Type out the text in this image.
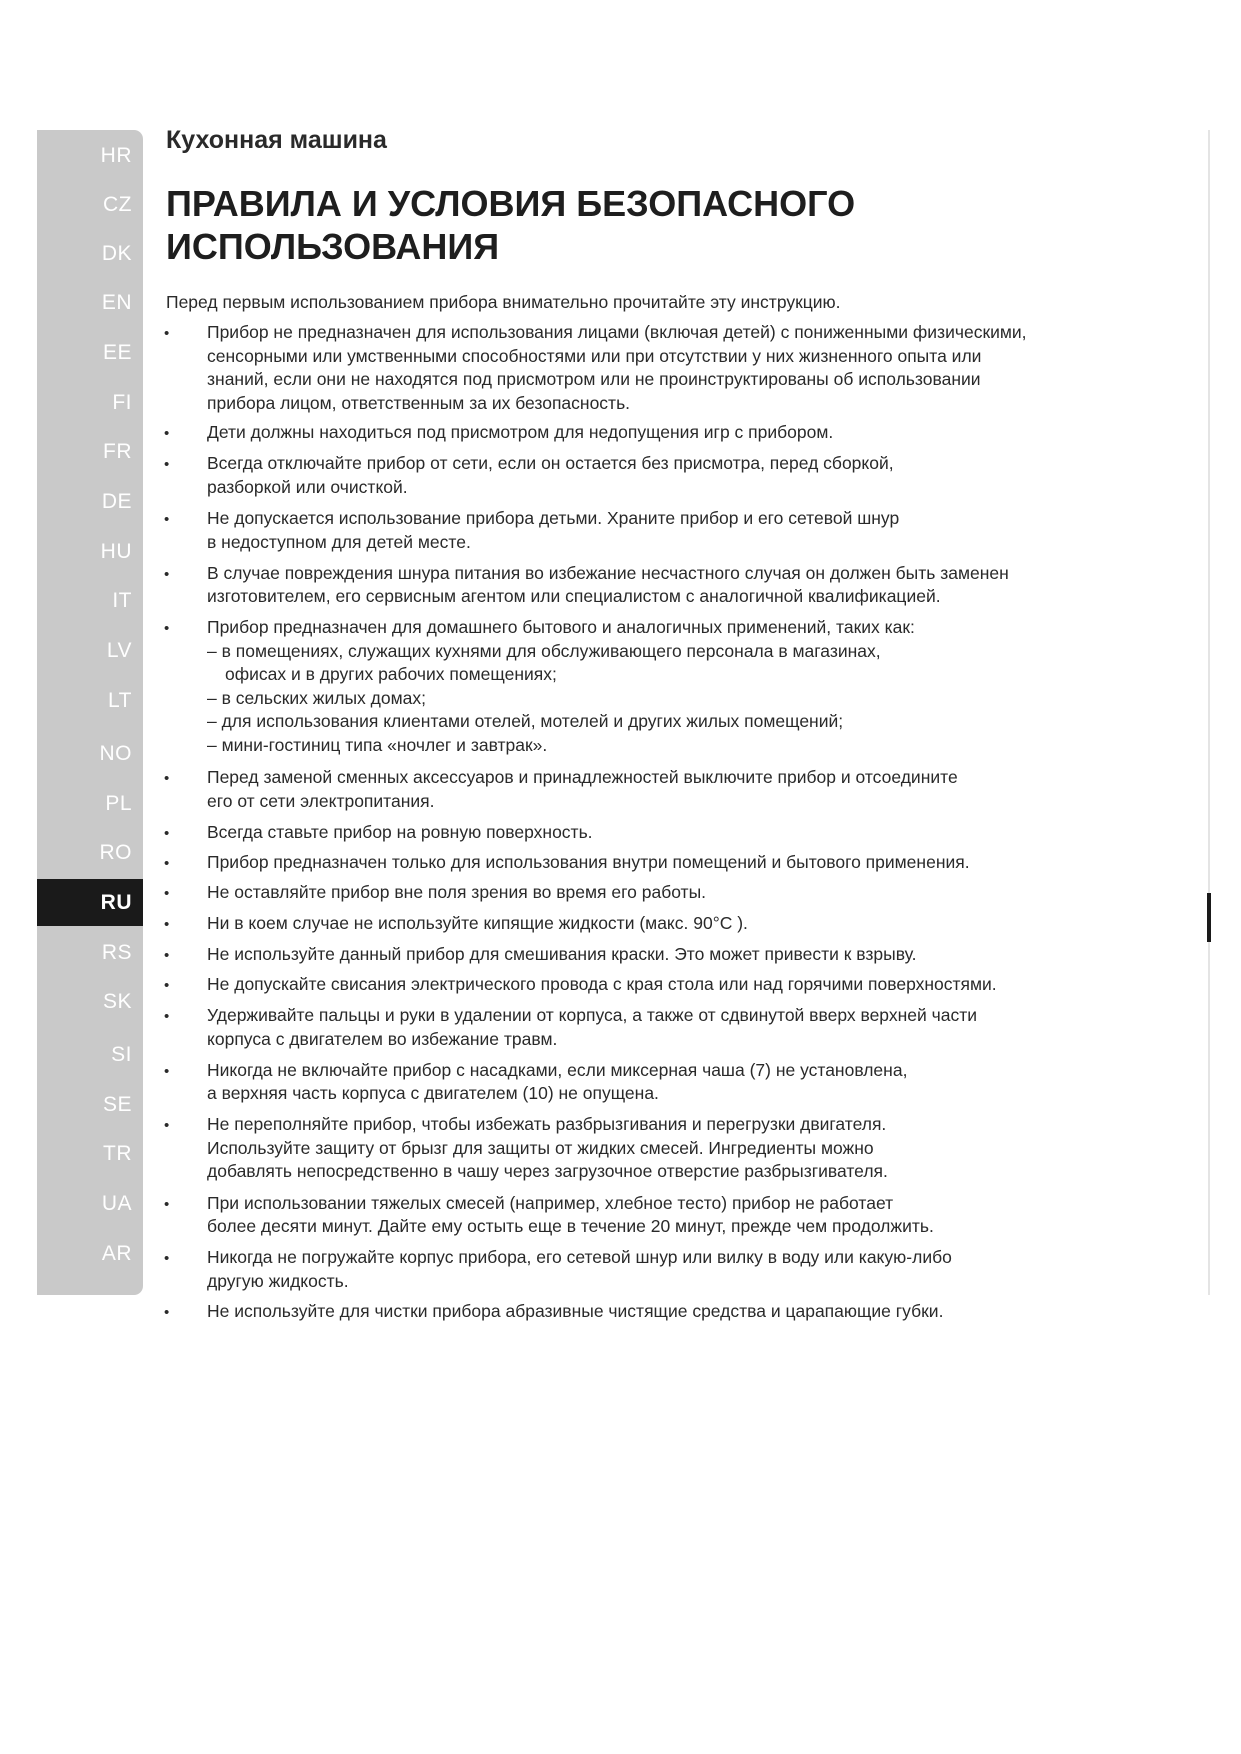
HR
CZ
DK
EN
EE
FI
FR
DE
HU
IT
LV
LT
NO
PL
RO
RU
RS
SK
SI
SE
TR
UA
AR
Кухонная машина
ПРАВИЛА И УСЛОВИЯ БЕЗОПАСНОГО
ИСПОЛЬЗОВАНИЯ
Перед первым использованием прибора внимательно прочитайте эту инструкцию.
• Прибор не предназначен для использования лицами (включая детей) с пониженными физическими,
сенсорными или умственными способностями или при отсутствии у них жизненного опыта или
знаний, если они не находятся под присмотром или не проинструктированы об использовании
прибора лицом, ответственным за их безопасность.
• Дети должны находиться под присмотром для недопущения игр с прибором.
• Всегда отключайте прибор от сети, если он остается без присмотра, перед сборкой,
разборкой или очисткой.
• Не допускается использование прибора детьми. Храните прибор и его сетевой шнур
в недоступном для детей месте.
• В случае повреждения шнура питания во избежание несчастного случая он должен быть заменен
изготовителем, его сервисным агентом или специалистом с аналогичной квалификацией.
• Прибор предназначен для домашнего бытового и аналогичных применений, таких как:
– в помещениях, служащих кухнями для обслуживающего персонала в магазинах,
офисах и в других рабочих помещениях;
– в сельских жилых домах;
– для использования клиентами отелей, мотелей и других жилых помещений;
– мини-гостиниц типа «ночлег и завтрак».
• Перед заменой сменных аксессуаров и принадлежностей выключите прибор и отсоедините
его от сети электропитания.
• Всегда ставьте прибор на ровную поверхность.
• Прибор предназначен только для использования внутри помещений и бытового применения.
• Не оставляйте прибор вне поля зрения во время его работы.
• Ни в коем случае не используйте кипящие жидкости (макс. 90°C ).
• Не используйте данный прибор для смешивания краски. Это может привести к взрыву.
• Не допускайте свисания электрического провода с края стола или над горячими поверхностями.
• Удерживайте пальцы и руки в удалении от корпуса, а также от сдвинутой вверх верхней части
корпуса с двигателем во избежание травм.
• Никогда не включайте прибор с насадками, если миксерная чаша (7) не установлена,
а верхняя часть корпуса с двигателем (10) не опущена.
• Не переполняйте прибор, чтобы избежать разбрызгивания и перегрузки двигателя.
Используйте защиту от брызг для защиты от жидких смесей. Ингредиенты можно
добавлять непосредственно в чашу через загрузочное отверстие разбрызгивателя.
• При использовании тяжелых смесей (например, хлебное тесто) прибор не работает
более десяти минут. Дайте ему остыть еще в течение 20 минут, прежде чем продолжить.
• Никогда не погружайте корпус прибора, его сетевой шнур или вилку в воду или какую-либо
другую жидкость.
• Не используйте для чистки прибора абразивные чистящие средства и царапающие губки.
